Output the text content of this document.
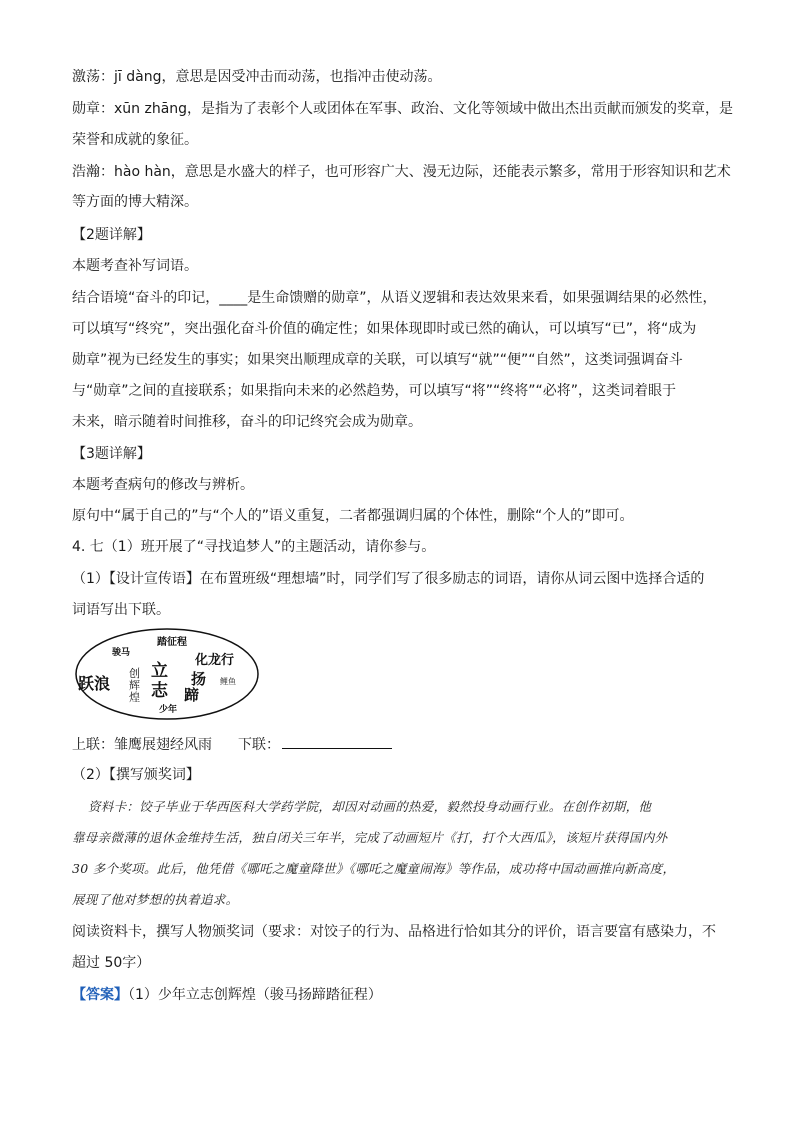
激荡：jī dàng，意思是因受冲击而动荡，也指冲击使动荡。
勋章：xūn zhāng，是指为了表彰个人或团体在军事、政治、文化等领域中做出杰出贡献而颁发的奖章，是
荣誉和成就的象征。
浩瀚：hào hàn，意思是水盛大的样子，也可形容广大、漫无边际，还能表示繁多，常用于形容知识和艺术
等方面的博大精深。
【2题详解】
本题考查补写词语。
结合语境“奋斗的印记，____是生命馈赠的勋章”，从语义逻辑和表达效果来看，如果强调结果的必然性，
可以填写“终究”，突出强化奋斗价值的确定性；如果体现即时或已然的确认，可以填写“已”，将“成为
勋章”视为已经发生的事实；如果突出顺理成章的关联，可以填写“就”“便”“自然”，这类词强调奋斗
与“勋章”之间的直接联系；如果指向未来的必然趋势，可以填写“将”“终将”“必将”，这类词着眼于
未来，暗示随着时间推移，奋斗的印记终究会成为勋章。
【3题详解】
本题考查病句的修改与辨析。
原句中“属于自己的”与“个人的”语义重复，二者都强调归属的个体性，删除“个人的”即可。
4. 七（1）班开展了“寻找追梦人”的主题活动，请你参与。
（1）【设计宣传语】在布置班级“理想墙”时，同学们写了很多励志的词语，请你从词云图中选择合适的
词语写出下联。
骏马
踏征程
化龙行
跃浪
创
辉
煌
立
志
扬
蹄
鲤鱼
少年
上联：雏鹰展翅经风雨 下联：
（2）【撰写颁奖词】
资料卡：饺子毕业于华西医科大学药学院，却因对动画的热爱，毅然投身动画行业。在创作初期，他
靠母亲微薄的退休金维持生活，独自闭关三年半，完成了动画短片《打，打个大西瓜》，该短片获得国内外
30 多个奖项。此后，他凭借《哪吒之魔童降世》《哪吒之魔童闹海》等作品，成功将中国动画推向新高度，
展现了他对梦想的执着追求。
阅读资料卡，撰写人物颁奖词（要求：对饺子的行为、品格进行恰如其分的评价，语言要富有感染力，不
超过 50字）
【答案】（1）少年立志创辉煌（骏马扬蹄踏征程）
